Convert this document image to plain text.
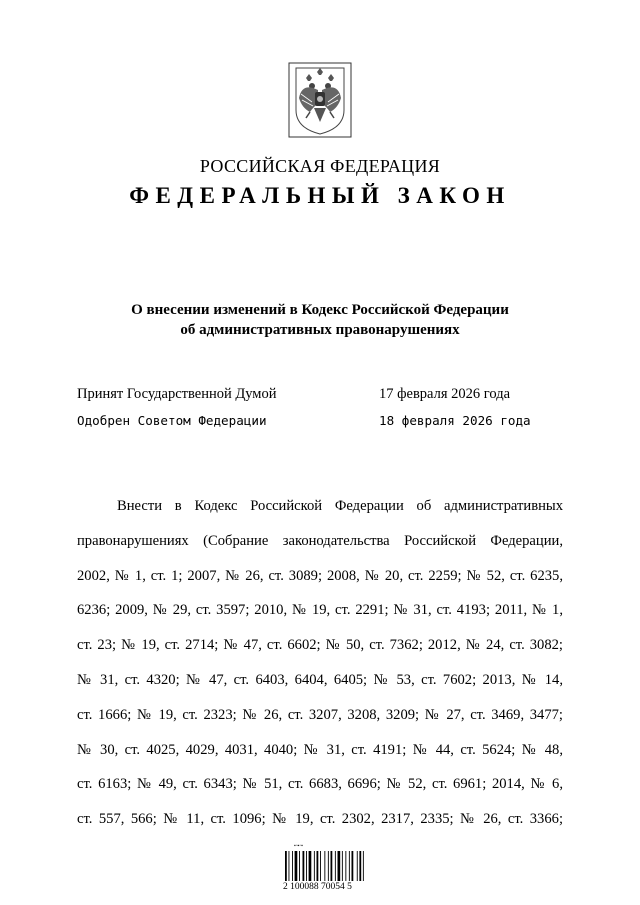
РОССИЙСКАЯ ФЕДЕРАЦИЯ
ФЕДЕРАЛЬНЫЙ ЗАКОН
О внесении изменений в Кодекс Российской Федерации
об административных правонарушениях
Принят Государственной Думой	17 февраля 2026 года
Одобрен Советом Федерации	18 февраля 2026 года
Внести в Кодекс Российской Федерации об административных
правонарушениях (Собрание законодательства Российской Федерации,
2002, № 1, ст. 1; 2007, № 26, ст. 3089; 2008, № 20, ст. 2259; № 52, ст. 6235,
6236; 2009, № 29, ст. 3597; 2010, № 19, ст. 2291; № 31, ст. 4193; 2011, № 1,
ст. 23; № 19, ст. 2714; № 47, ст. 6602; № 50, ст. 7362; 2012, № 24, ст. 3082;
№ 31, ст. 4320; № 47, ст. 6403, 6404, 6405; № 53, ст. 7602; 2013, № 14,
ст. 1666; № 19, ст. 2323; № 26, ст. 3207, 3208, 3209; № 27, ст. 3469, 3477;
№ 30, ст. 4025, 4029, 4031, 4040; № 31, ст. 4191; № 44, ст. 5624; № 48,
ст. 6163; № 49, ст. 6343; № 51, ст. 6683, 6696; № 52, ст. 6961; 2014, № 6,
ст. 557, 566; № 11, ст. 1096; № 19, ст. 2302, 2317, 2335; № 26, ст. 3366;
▪▫▪▫▪
2 100088 70054 5
